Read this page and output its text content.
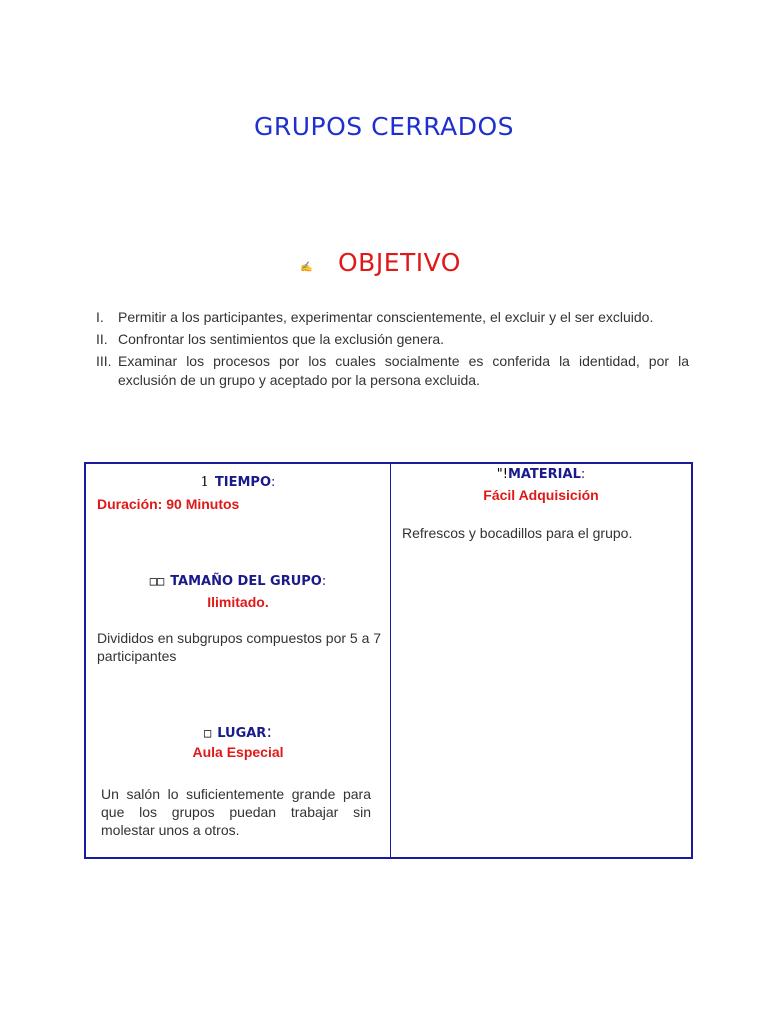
GRUPOS CERRADOS
✍	OBJETIVO
I.	Permitir a los participantes, experimentar conscientemente, el excluir y el ser excluido.
II. Confrontar los sentimientos que la exclusión genera.
III. Examinar los procesos por los cuales socialmente es conferida la identidad, por la exclusión de un grupo y aceptado por la persona excluida.
1 TIEMPO:
Duración: 90 Minutos
□□ TAMAÑO DEL GRUPO:
Ilimitado.
Divididos en subgrupos compuestos por 5 a 7 participantes
□ LUGAR:
Aula Especial
Un salón lo suficientemente grande para que los grupos puedan trabajar sin molestar unos a otros.
"!MATERIAL:
Fácil Adquisición
Refrescos y bocadillos para el grupo.
